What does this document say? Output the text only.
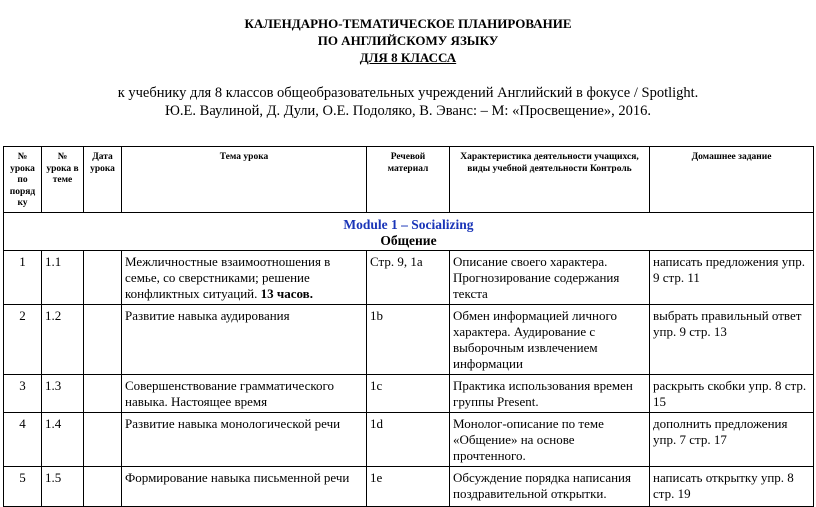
КАЛЕНДАРНО-ТЕМАТИЧЕСКОЕ ПЛАНИРОВАНИЕ
ПО АНГЛИЙСКОМУ ЯЗЫКУ
ДЛЯ 8 КЛАССА
к учебнику для 8 классов общеобразовательных учреждений Английский в фокусе / Spotlight.
Ю.Е. Ваулиной, Д. Дули, О.Е. Подоляко, В. Эванс: – М: «Просвещение», 2016.
№ урока по поряд ку	№ урока в теме	Дата урока	Тема урока	Речевой материал	Характеристика деятельности учащихся, виды учебной деятельности Контроль	Домашнее задание

Module 1 – Socializing
Общение						

1	1.1		Межличностные взаимоотношения в семье, со сверстниками; решение конфликтных ситуаций. 13 часов.	Стр. 9, 1а	Описание своего характера. Прогнозирование содержания текста	написать предложения упр. 9 стр. 11
2	1.2		Развитие навыка аудирования	1b	Обмен информацией личного характера. Аудирование с выборочным извлечением информации	выбрать правильный ответ упр. 9 стр. 13
3	1.3		Совершенствование грамматического навыка. Настоящее время	1c	Практика использования времен группы Present.	раскрыть скобки упр. 8 стр. 15
4	1.4		Развитие навыка монологической речи	1d	Монолог-описание по теме «Общение» на основе прочтенного.	дополнить предложения упр. 7 стр. 17
5	1.5		Формирование навыка письменной речи	1e	Обсуждение порядка написания поздравительной открытки.	написать открытку упр. 8 стр. 19
